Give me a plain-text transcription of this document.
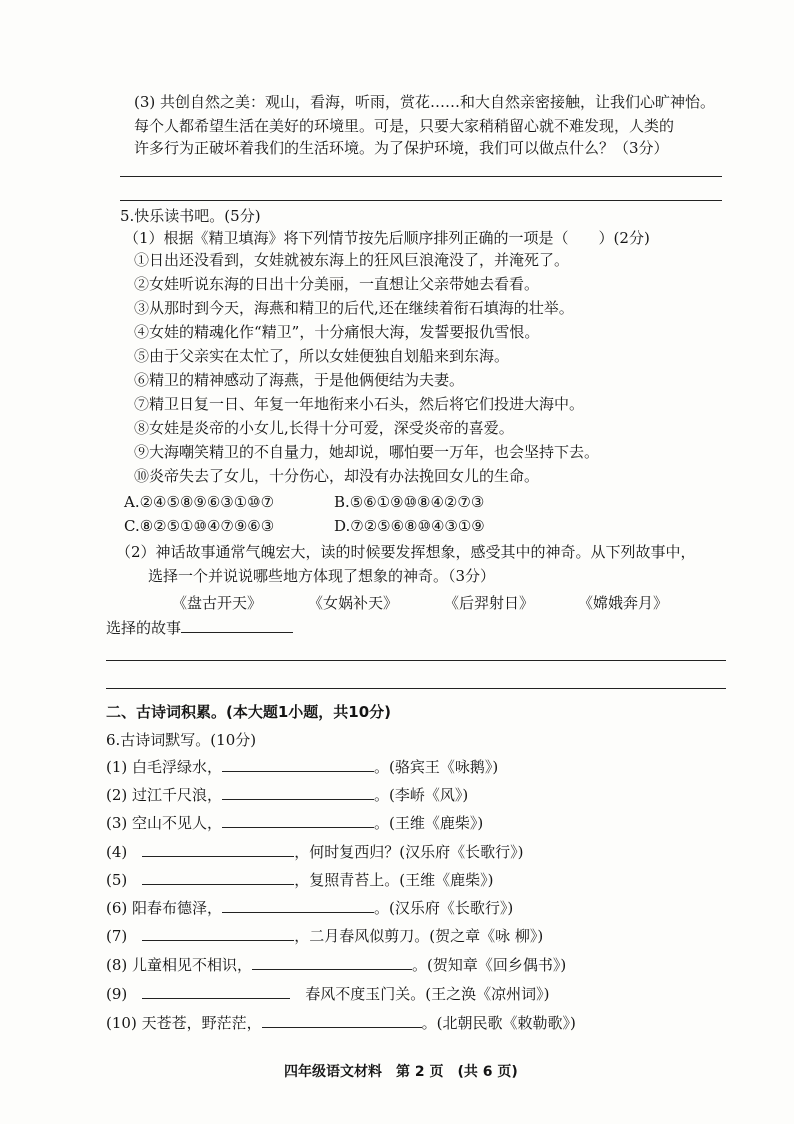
(3) 共创自然之美：观山，看海，听雨，赏花……和大自然亲密接触，让我们心旷神怡。
每个人都希望生活在美好的环境里。可是，只要大家稍稍留心就不难发现，人类的
许多行为正破坏着我们的生活环境。为了保护环境，我们可以做点什么？（3分）
5.快乐读书吧。(5分)
（1）根据《精卫填海》将下列情节按先后顺序排列正确的一项是（　　）(2分)
①日出还没看到，女娃就被东海上的狂风巨浪淹没了，并淹死了。
②女娃听说东海的日出十分美丽，一直想让父亲带她去看看。
③从那时到今天，海燕和精卫的后代,还在继续着衔石填海的壮举。
④女娃的精魂化作“精卫”，十分痛恨大海，发誓要报仇雪恨。
⑤由于父亲实在太忙了，所以女娃便独自划船来到东海。
⑥精卫的精神感动了海燕，于是他俩便结为夫妻。
⑦精卫日复一日、年复一年地衔来小石头，然后将它们投进大海中。
⑧女娃是炎帝的小女儿,长得十分可爱，深受炎帝的喜爱。
⑨大海嘲笑精卫的不自量力，她却说，哪怕要一万年，也会坚持下去。
⑩炎帝失去了女儿，十分伤心，却没有办法挽回女儿的生命。
A.②④⑤⑧⑨⑥③①⑩⑦	B.⑤⑥①⑨⑩⑧④②⑦③
C.⑧②⑤①⑩④⑦⑨⑥③	D.⑦②⑤⑥⑧⑩④③①⑨
（2）神话故事通常气魄宏大，读的时候要发挥想象，感受其中的神奇。从下列故事中，
选择一个并说说哪些地方体现了想象的神奇。（3分）
《盘古开天》	《女娲补天》	《后羿射日》	《嫦娥奔月》
选择的故事
二、古诗词积累。(本大题1小题，共10分)
6.古诗词默写。(10分)
(1) 白毛浮绿水，	。(骆宾王《咏鹅》)
(2) 过江千尺浪，	。(李峤《风》)
(3) 空山不见人，	。(王维《鹿柴》)
(4)　	，何时复西归？(汉乐府《长歌行》)
(5)　	，复照青苔上。(王维《鹿柴》)
(6) 阳春布德泽，	。(汉乐府《长歌行》)
(7)　	，二月春风似剪刀。(贺之章《咏 柳》)
(8) 儿童相见不相识，	。(贺知章《回乡偶书》)
(9)　　	春风不度玉门关。(王之涣《凉州词》)
(10) 天苍苍，野茫茫，	。(北朝民歌《敕勒歌》)
四年级语文材料　第 2 页　(共 6 页)
